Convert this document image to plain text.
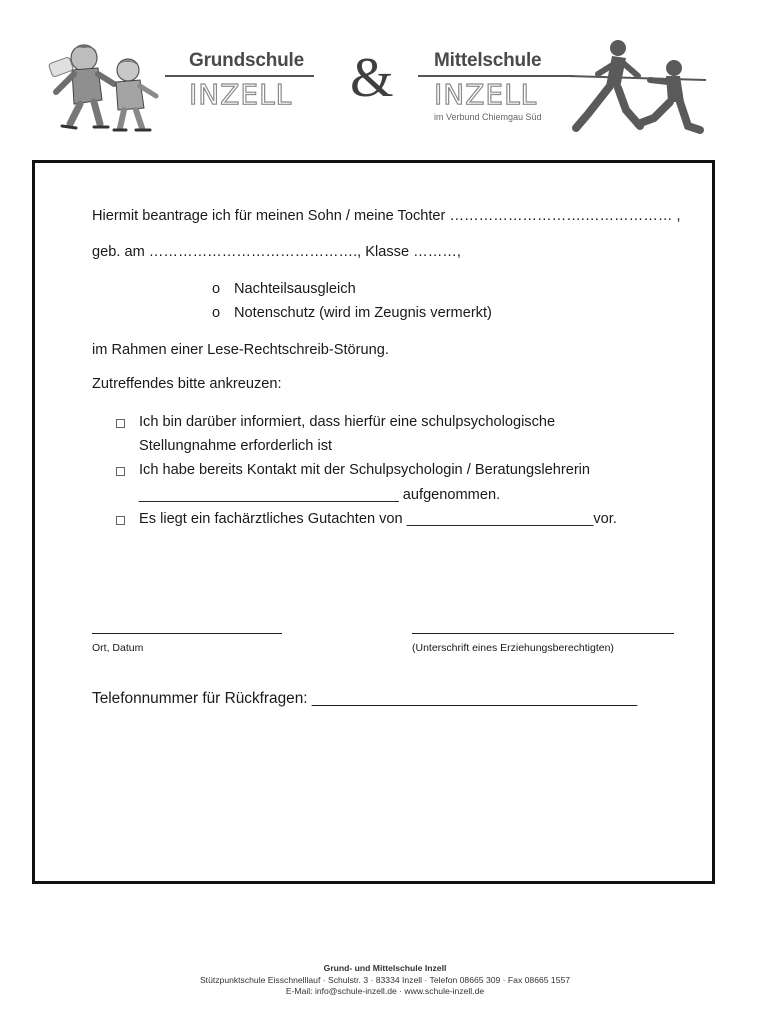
Grundschule
INZELL	&	Mittelschule
INZELL
im Verbund Chiemgau Süd
Hiermit beantrage ich für meinen Sohn / meine Tochter ……………………….……………… ,
geb. am ……………………………………., Klasse ………,
o Nachteilsausgleich
o Notenschutz (wird im Zeugnis vermerkt)
im Rahmen einer Lese-Rechtschreib-Störung.
Zutreffendes bitte ankreuzen:
Ich bin darüber informiert, dass hierfür eine schulpsychologische
Stellungnahme erforderlich ist
Ich habe bereits Kontakt mit der Schulpsychologin / Beratungslehrerin
________________________________ aufgenommen.
Es liegt ein fachärztliches Gutachten von _______________________vor.
Ort, Datum	(Unterschrift eines Erziehungsberechtigten)
Telefonnummer für Rückfragen: ______________________________________
Grund- und Mittelschule Inzell
Stützpunktschule Eisschnelllauf · Schulstr. 3 · 83334 Inzell · Telefon 08665 309 · Fax 08665 1557
E-Mail: info@schule-inzell.de · www.schule-inzell.de
